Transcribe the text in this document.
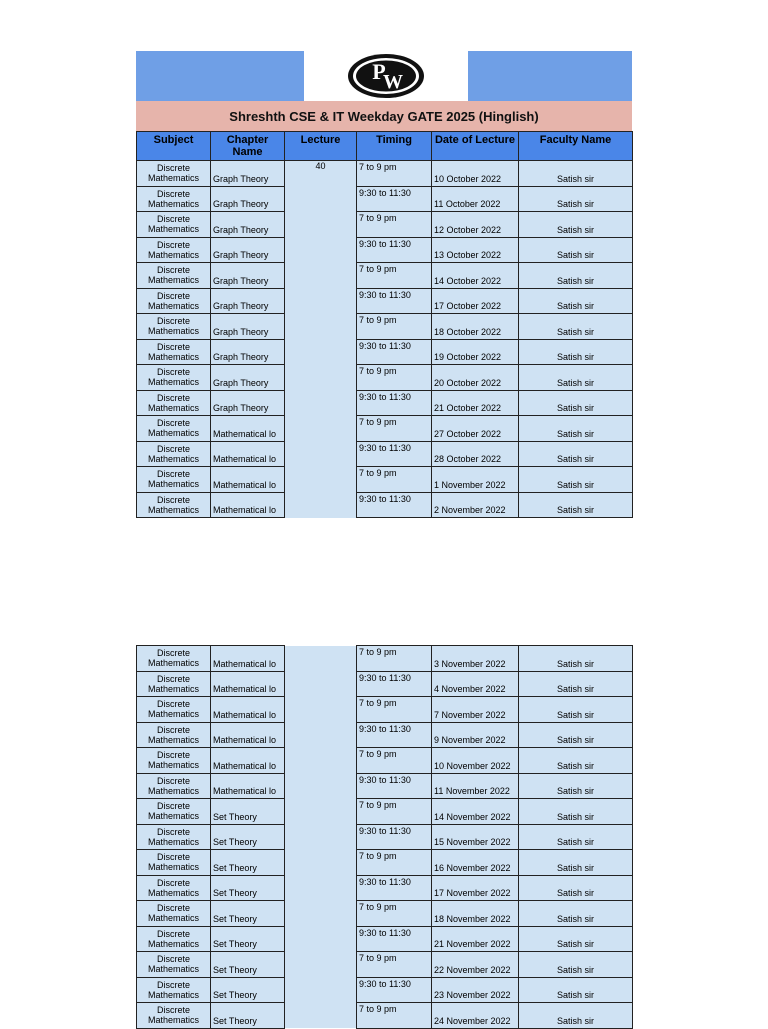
P
W
Shreshth CSE & IT Weekday GATE 2025 (Hinglish)
Subject	Chapter Name	Lecture	Timing	Date of Lecture	Faculty Name
Discrete Mathematics	Graph Theory	40	7 to 9 pm	10 October 2022	Satish sir
Discrete Mathematics	Graph Theory		9:30 to 11:30	11 October 2022	Satish sir
Discrete Mathematics	Graph Theory		7 to 9 pm	12 October 2022	Satish sir
Discrete Mathematics	Graph Theory		9:30 to 11:30	13 October 2022	Satish sir
Discrete Mathematics	Graph Theory		7 to 9 pm	14 October 2022	Satish sir
Discrete Mathematics	Graph Theory		9:30 to 11:30	17 October 2022	Satish sir
Discrete Mathematics	Graph Theory		7 to 9 pm	18 October 2022	Satish sir
Discrete Mathematics	Graph Theory		9:30 to 11:30	19 October 2022	Satish sir
Discrete Mathematics	Graph Theory		7 to 9 pm	20 October 2022	Satish sir
Discrete Mathematics	Graph Theory		9:30 to 11:30	21 October 2022	Satish sir
Discrete Mathematics	Mathematical lo		7 to 9 pm	27 October 2022	Satish sir
Discrete Mathematics	Mathematical lo		9:30 to 11:30	28 October 2022	Satish sir
Discrete Mathematics	Mathematical lo		7 to 9 pm	1 November 2022	Satish sir
Discrete Mathematics	Mathematical lo		9:30 to 11:30	2 November 2022	Satish sir
Discrete Mathematics	Mathematical lo		7 to 9 pm	3 November 2022	Satish sir
Discrete Mathematics	Mathematical lo		9:30 to 11:30	4 November 2022	Satish sir
Discrete Mathematics	Mathematical lo		7 to 9 pm	7 November 2022	Satish sir
Discrete Mathematics	Mathematical lo		9:30 to 11:30	9 November 2022	Satish sir
Discrete Mathematics	Mathematical lo		7 to 9 pm	10 November 2022	Satish sir
Discrete Mathematics	Mathematical lo		9:30 to 11:30	11 November 2022	Satish sir
Discrete Mathematics	Set Theory		7 to 9 pm	14 November 2022	Satish sir
Discrete Mathematics	Set Theory		9:30 to 11:30	15 November 2022	Satish sir
Discrete Mathematics	Set Theory		7 to 9 pm	16 November 2022	Satish sir
Discrete Mathematics	Set Theory		9:30 to 11:30	17 November 2022	Satish sir
Discrete Mathematics	Set Theory		7 to 9 pm	18 November 2022	Satish sir
Discrete Mathematics	Set Theory		9:30 to 11:30	21 November 2022	Satish sir
Discrete Mathematics	Set Theory		7 to 9 pm	22 November 2022	Satish sir
Discrete Mathematics	Set Theory		9:30 to 11:30	23 November 2022	Satish sir
Discrete Mathematics	Set Theory		7 to 9 pm	24 November 2022	Satish sir
